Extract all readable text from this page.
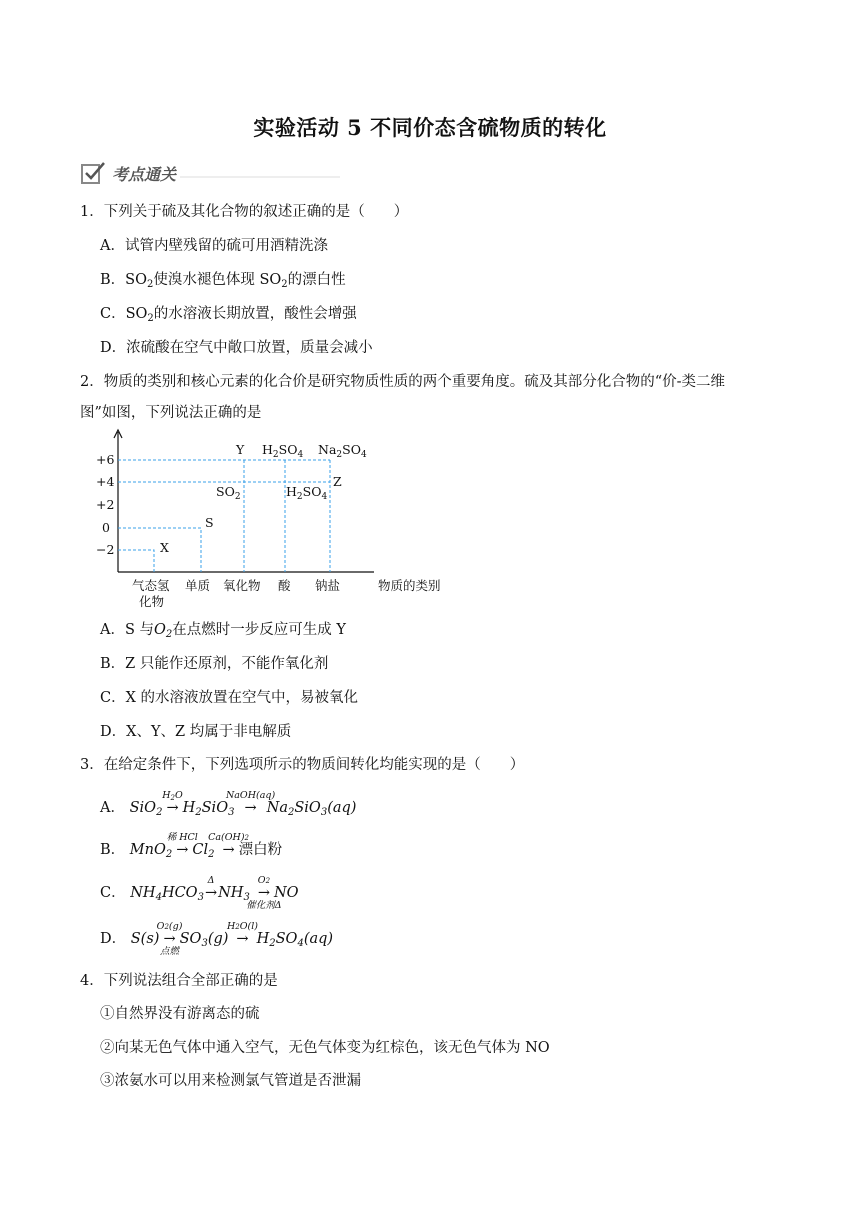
实验活动 5 不同价态含硫物质的转化
考点通关
1．下列关于硫及其化合物的叙述正确的是（　　）
A．试管内壁残留的硫可用酒精洗涤
B．$SO_2$使溴水褪色体现 $SO_2$的漂白性
C．$SO_2$的水溶液长期放置，酸性会增强
D．浓硫酸在空气中敞口放置，质量会减小
2．物质的类别和核心元素的化合价是研究物质性质的两个重要角度。硫及其部分化合物的“价-类二维
图”如图，下列说法正确的是
+6
+4
+2
0
−2	X
S
Y
Z
$SO_2$
$H_2SO_4$ $Na_2SO_4$
$H_2SO_4$
气态氢
化物
单质 氧化物 酸 钠盐	物质的类别
A．S 与$O_2$在点燃时一步反应可生成 Y
B．Z 只能作还原剂，不能作氧化剂
C．X 的水溶液放置在空气中，易被氧化
D．X、Y、Z 均属于非电解质
3．在给定条件下，下列选项所示的物质间转化均能实现的是（　　）
A． SiO$_2$
$H_2O$
→ $H_2SiO_3$
NaOH(aq)
→ $Na_2SiO_3(aq)$
B． MnO$_2$
稀 HCl
→ $Cl_2$
Ca(OH)2
→ 漂白粉
C． $NH_4HCO_3$
Δ
$\to NH_3$
O2
→
催化剂Δ
NO
D． S(s)
O2(g)
→
点燃
$SO_3(g)$
H2O(l)
→ $H_2SO_4(aq)$
4．下列说法组合全部正确的是
①自然界没有游离态的硫
②向某无色气体中通入空气，无色气体变为红棕色，该无色气体为 NO
③浓氨水可以用来检测氯气管道是否泄漏
